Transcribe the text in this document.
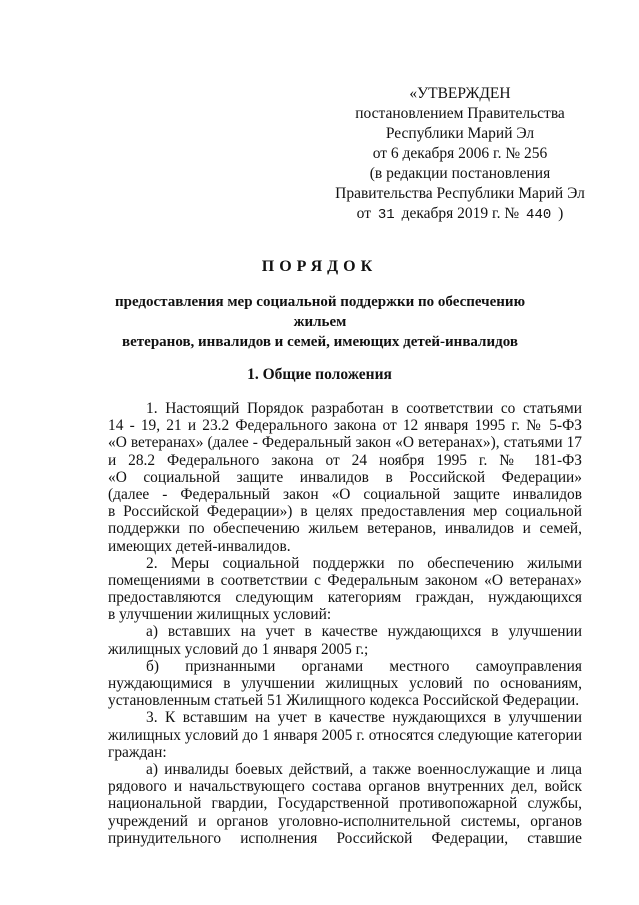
«УТВЕРЖДЕН
постановлением Правительства
Республики Марий Эл
от 6 декабря 2006 г. № 256
(в редакции постановления
Правительства Республики Марий Эл
от 31 декабря 2019 г. № 440 )
ПОРЯДОК
предоставления мер социальной поддержки по обеспечению жильем
ветеранов, инвалидов и семей, имеющих детей-инвалидов
1. Общие положения
1. Настоящий Порядок разработан в соответствии со статьями
14 - 19, 21 и 23.2 Федерального закона от 12 января 1995 г. № 5-ФЗ
«О ветеранах» (далее - Федеральный закон «О ветеранах»), статьями 17
и 28.2 Федерального закона от 24 ноября 1995 г. № 181-ФЗ
«О социальной защите инвалидов в Российской Федерации»
(далее - Федеральный закон «О социальной защите инвалидов
в Российской Федерации») в целях предоставления мер социальной
поддержки по обеспечению жильем ветеранов, инвалидов и семей,
имеющих детей-инвалидов.
2. Меры социальной поддержки по обеспечению жилыми
помещениями в соответствии с Федеральным законом «О ветеранах»
предоставляются следующим категориям граждан, нуждающихся
в улучшении жилищных условий:
а) вставших на учет в качестве нуждающихся в улучшении
жилищных условий до 1 января 2005 г.;
б) признанными органами местного самоуправления
нуждающимися в улучшении жилищных условий по основаниям,
установленным статьей 51 Жилищного кодекса Российской Федерации.
3. К вставшим на учет в качестве нуждающихся в улучшении
жилищных условий до 1 января 2005 г. относятся следующие категории
граждан:
а) инвалиды боевых действий, а также военнослужащие и лица
рядового и начальствующего состава органов внутренних дел, войск
национальной гвардии, Государственной противопожарной службы,
учреждений и органов уголовно-исполнительной системы, органов
принудительного исполнения Российской Федерации, ставшие
